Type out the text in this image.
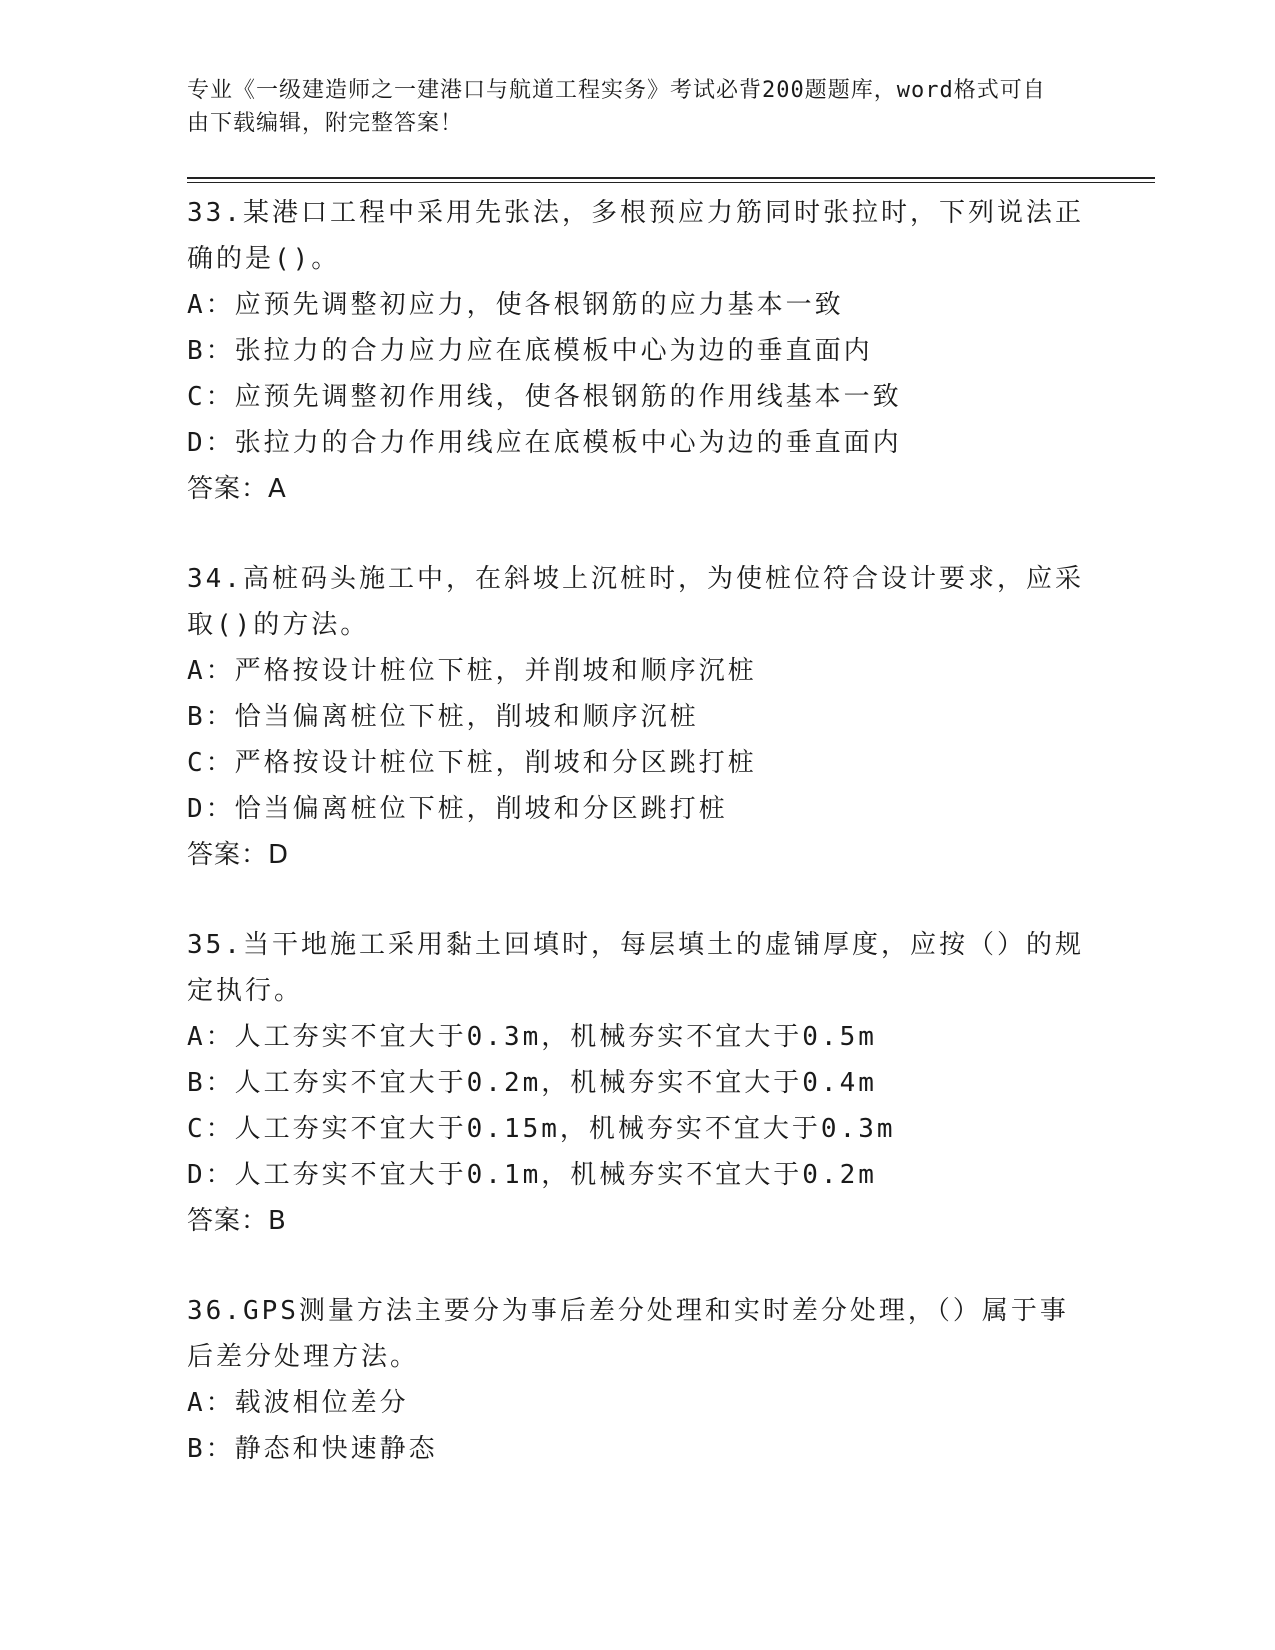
专业《一级建造师之一建港口与航道工程实务》考试必背200题题库，word格式可自由下载编辑，附完整答案！

33.某港口工程中采用先张法，多根预应力筋同时张拉时，下列说法正确的是()。

A：应预先调整初应力，使各根钢筋的应力基本一致

B：张拉力的合力应力应在底模板中心为边的垂直面内

C：应预先调整初作用线，使各根钢筋的作用线基本一致

D：张拉力的合力作用线应在底模板中心为边的垂直面内

答案：A

34.高桩码头施工中，在斜坡上沉桩时，为使桩位符合设计要求，应采取()的方法。

A：严格按设计桩位下桩，并削坡和顺序沉桩

B：恰当偏离桩位下桩，削坡和顺序沉桩

C：严格按设计桩位下桩，削坡和分区跳打桩

D：恰当偏离桩位下桩，削坡和分区跳打桩

答案：D

35.当干地施工采用黏土回填时，每层填土的虚铺厚度，应按（）的规定执行。

A：人工夯实不宜大于0.3m，机械夯实不宜大于0.5m

B：人工夯实不宜大于0.2m，机械夯实不宜大于0.4m

C：人工夯实不宜大于0.15m，机械夯实不宜大于0.3m

D：人工夯实不宜大于0.1m，机械夯实不宜大于0.2m

答案：B

36.GPS测量方法主要分为事后差分处理和实时差分处理，（）属于事后差分处理方法。

A：载波相位差分

B：静态和快速静态
